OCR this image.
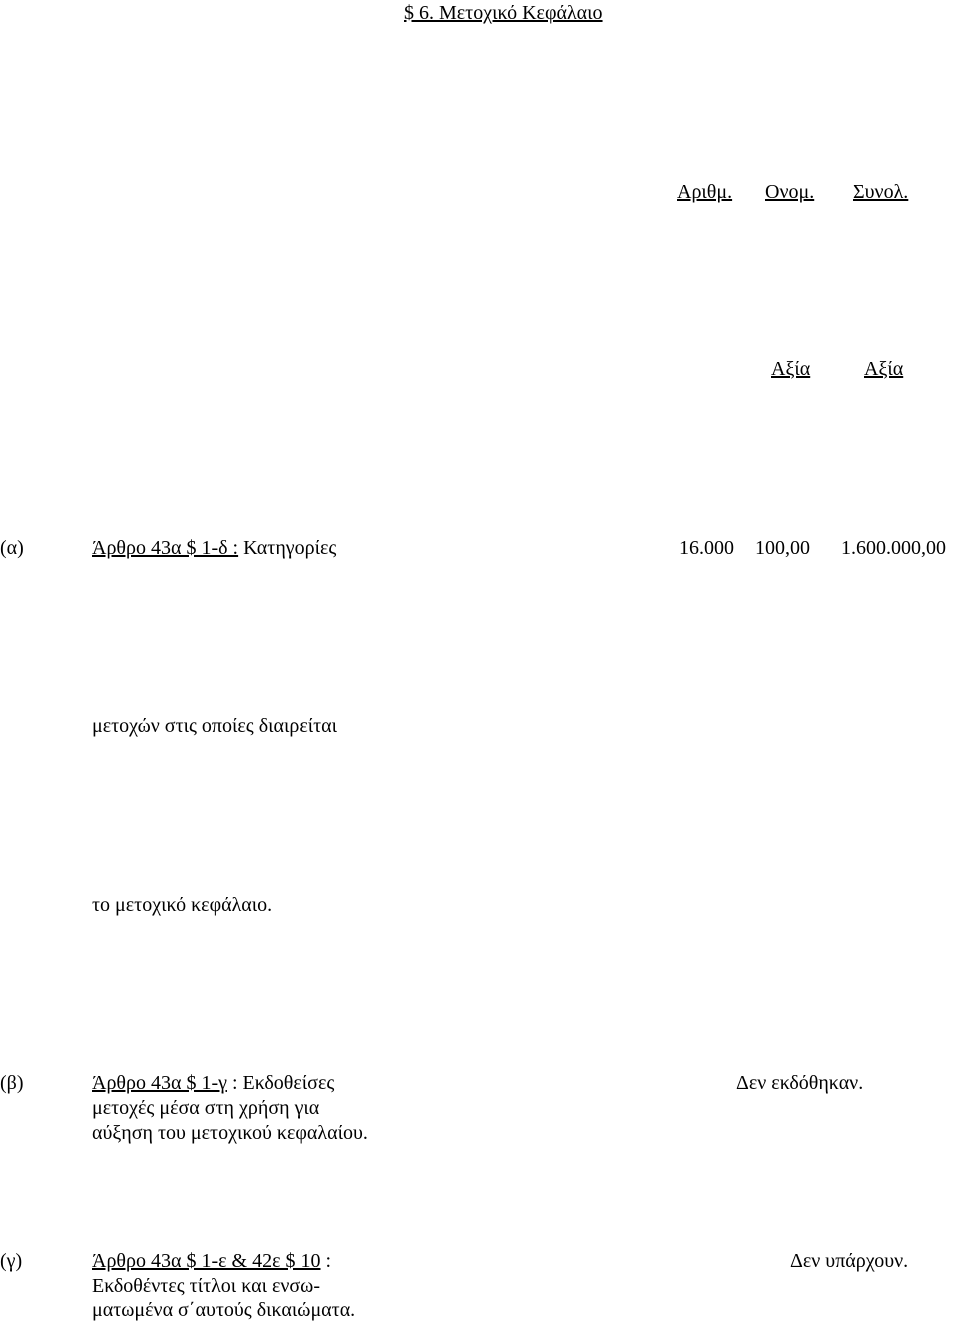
$ 6. Μετοχικό Κεφάλαιο
Αριθμ. Ονομ. Συνολ.
Αξία	Αξία
(α)	Άρθρο 43α $ 1-δ : Κατηγορίες	16.000 100,00 1.600.000,00
μετοχών στις οποίες διαιρείται
το μετοχικό κεφάλαιο.
(β)	Άρθρο 43α $ 1-γ : Εκδοθείσες	Δεν εκδόθηκαν.
μετοχές μέσα στη χρήση για
αύξηση του μετοχικού κεφαλαίου.
(γ)	Άρθρο 43α $ 1-ε & 42ε $ 10 :	Δεν υπάρχουν.
Εκδοθέντες τίτλοι και ενσω-
ματωμένα σ΄αυτούς δικαιώματα.
